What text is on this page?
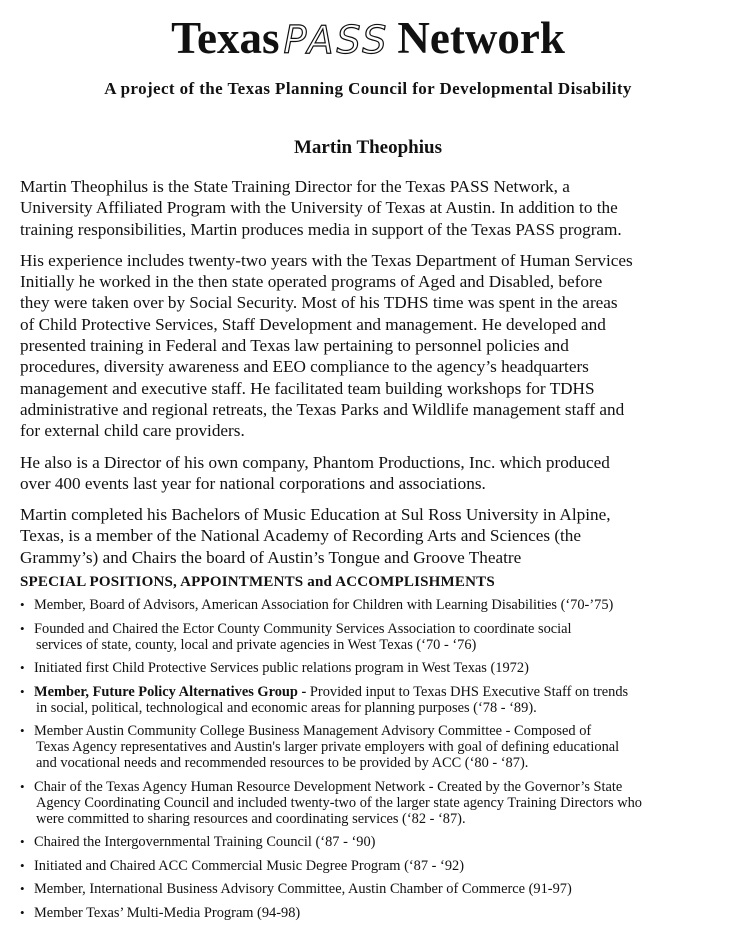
Texas PASS Network
A project of the Texas Planning Council for Developmental Disability
Martin Theophius

Martin Theophilus is the State Training Director for the Texas PASS Network, a
University Affiliated Program with the University of Texas at Austin. In addition to the
training responsibilities, Martin produces media in support of the Texas PASS program.

His experience includes twenty-two years with the Texas Department of Human Services
Initially he worked in the then state operated programs of Aged and Disabled, before
they were taken over by Social Security. Most of his TDHS time was spent in the areas
of Child Protective Services, Staff Development and management. He developed and
presented training in Federal and Texas law pertaining to personnel policies and
procedures, diversity awareness and EEO compliance to the agency’s headquarters
management and executive staff. He facilitated team building workshops for TDHS
administrative and regional retreats, the Texas Parks and Wildlife management staff and
for external child care providers.

He also is a Director of his own company, Phantom Productions, Inc. which produced
over 400 events last year for national corporations and associations.

Martin completed his Bachelors of Music Education at Sul Ross University in Alpine,
Texas, is a member of the National Academy of Recording Arts and Sciences (the
Grammy’s) and Chairs the board of Austin’s Tongue and Groove Theatre

SPECIAL POSITIONS, APPOINTMENTS and ACCOMPLISHMENTS
• Member, Board of Advisors, American Association for Children with Learning Disabilities (‘70-’75)
• Founded and Chaired the Ector County Community Services Association to coordinate social
services of state, county, local and private agencies in West Texas (‘70 - ‘76)
• Initiated first Child Protective Services public relations program in West Texas (1972)
• Member, Future Policy Alternatives Group - Provided input to Texas DHS Executive Staff on trends
in social, political, technological and economic areas for planning purposes (‘78 - ‘89).
• Member Austin Community College Business Management Advisory Committee - Composed of
Texas Agency representatives and Austin's larger private employers with goal of defining educational
and vocational needs and recommended resources to be provided by ACC (‘80 - ‘87).
• Chair of the Texas Agency Human Resource Development Network - Created by the Governor’s State
Agency Coordinating Council and included twenty-two of the larger state agency Training Directors who
were committed to sharing resources and coordinating services (‘82 - ‘87).
• Chaired the Intergovernmental Training Council (‘87 - ‘90)
• Initiated and Chaired ACC Commercial Music Degree Program (‘87 - ‘92)
• Member, International Business Advisory Committee, Austin Chamber of Commerce (91-97)
• Member Texas’ Multi-Media Program (94-98)
